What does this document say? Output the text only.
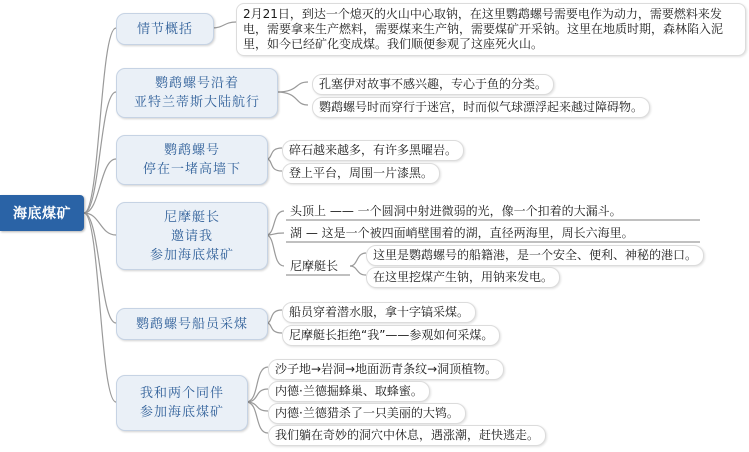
海底煤矿
情节概括
2月21日，到达一个熄灭的火山中心取钠，在这里鹦鹉螺号需要电作为动力，需要燃料来发电，需要拿来生产燃料，需要煤来生产钠，需要煤矿开采钠。这里在地质时期，森林陷入泥里，如今已经矿化变成煤。我们顺便参观了这座死火山。
鹦鹉螺号沿着
亚特兰蒂斯大陆航行
孔塞伊对故事不感兴趣，专心于鱼的分类。
鹦鹉螺号时而穿行于迷宫，时而似气球漂浮起来越过障碍物。
鹦鹉螺号
停在一堵高墙下
碎石越来越多，有许多黑曜岩。
登上平台，周围一片漆黑。
尼摩艇长
邀请我
参加海底煤矿
头顶上 —— 一个圆洞中射进微弱的光，像一个扣着的大漏斗。
湖 — 这是一个被四面峭壁围着的湖，直径两海里，周长六海里。
尼摩艇长
这里是鹦鹉螺号的船籍港，是一个安全、便利、神秘的港口。
在这里挖煤产生钠，用钠来发电。
鹦鹉螺号船员采煤
船员穿着潜水服，拿十字镐采煤。
尼摩艇长拒绝“我”——参观如何采煤。
我和两个同伴
参加海底煤矿
沙子地→岩洞→地面沥青条纹→洞顶植物。
内德·兰德掘蜂巢、取蜂蜜。
内德·兰德猎杀了一只美丽的大鸨。
我们躺在奇妙的洞穴中休息，遇涨潮，赶快逃走。
